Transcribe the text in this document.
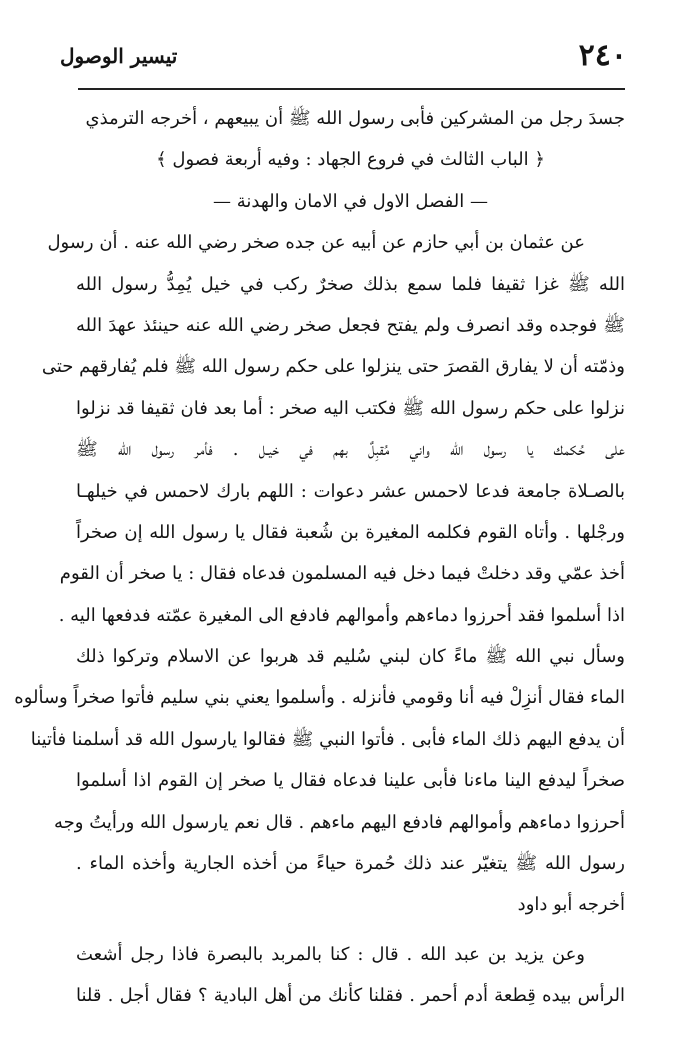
٢٤٠
تيسير الوصول
جسدَ رجل من المشركين فأبى رسول الله ﷺ أن يبيعهم ، أخرجه الترمذي
﴿ الباب الثالث في فروع الجهاد : وفيه أربعة فصول ﴾
— الفصل الاول في الامان والهدنة —
عن عثمان بن أبي حازم عن أبيه عن جده صخر رضي الله عنه . أن رسول
الله ﷺ غزا ثقيفا فلما سمع بذلك صخرٌ ركب في خيل يُمِدُّ رسول الله
ﷺ فوجده وقد انصرف ولم يفتح فجعل صخر رضي الله عنه حينئذ عهدَ الله
وذمّته أن لا يفارق القصرَ حتى ينزلوا على حكم رسول الله ﷺ فلم يُفارقهم حتى
نزلوا على حكم رسول الله ﷺ فكتب اليه صخر : أما بعد فان ثقيفا قد نزلوا
على حُكمك يا رسول الله واني مُقبِلٌ بهم في خيـل . فأمر رسول الله ﷺ
بالصـلاة جامعة فدعا لاحمس عشر دعوات : اللهم بارك لاحمس في خيلهـا
ورجْلها . وأتاه القوم فكلمه المغيرة بن شُعبة فقال يا رسول الله إن صخراً
أخذ عمّي وقد دخلتْ فيما دخل فيه المسلمون فدعاه فقال : يا صخر أن القوم
اذا أسلموا فقد أحرزوا دماءهم وأموالهم فادفع الى المغيرة عمّته فدفعها اليه .
وسأل نبي الله ﷺ ماءً كان لبني سُليم قد هربوا عن الاسلام وتركوا ذلك
الماء فقال أنزِلْ فيه أنا وقومي فأنزله . وأسلموا يعني بني سليم فأتوا صخراً وسألوه
أن يدفع اليهم ذلك الماء فأبى . فأتوا النبي ﷺ فقالوا يارسول الله قد أسلمنا فأتينا
صخراً ليدفع الينا ماءنا فأبى علينا فدعاه فقال يا صخر إن القوم اذا أسلموا
أحرزوا دماءهم وأموالهم فادفع اليهم ماءهم . قال نعم يارسول الله ورأيتُ وجه
رسول الله ﷺ يتغيّر عند ذلك حُمرة حياءً من أخذه الجارية وأخذه الماء .
أخرجه أبو داود
وعن يزيد بن عبد الله . قال : كنا بالمربد بالبصرة فاذا رجل أشعث
الرأس بيده قِطعة أدم أحمر . فقلنا كأنك من أهل البادية ؟ فقال أجل . قلنا
